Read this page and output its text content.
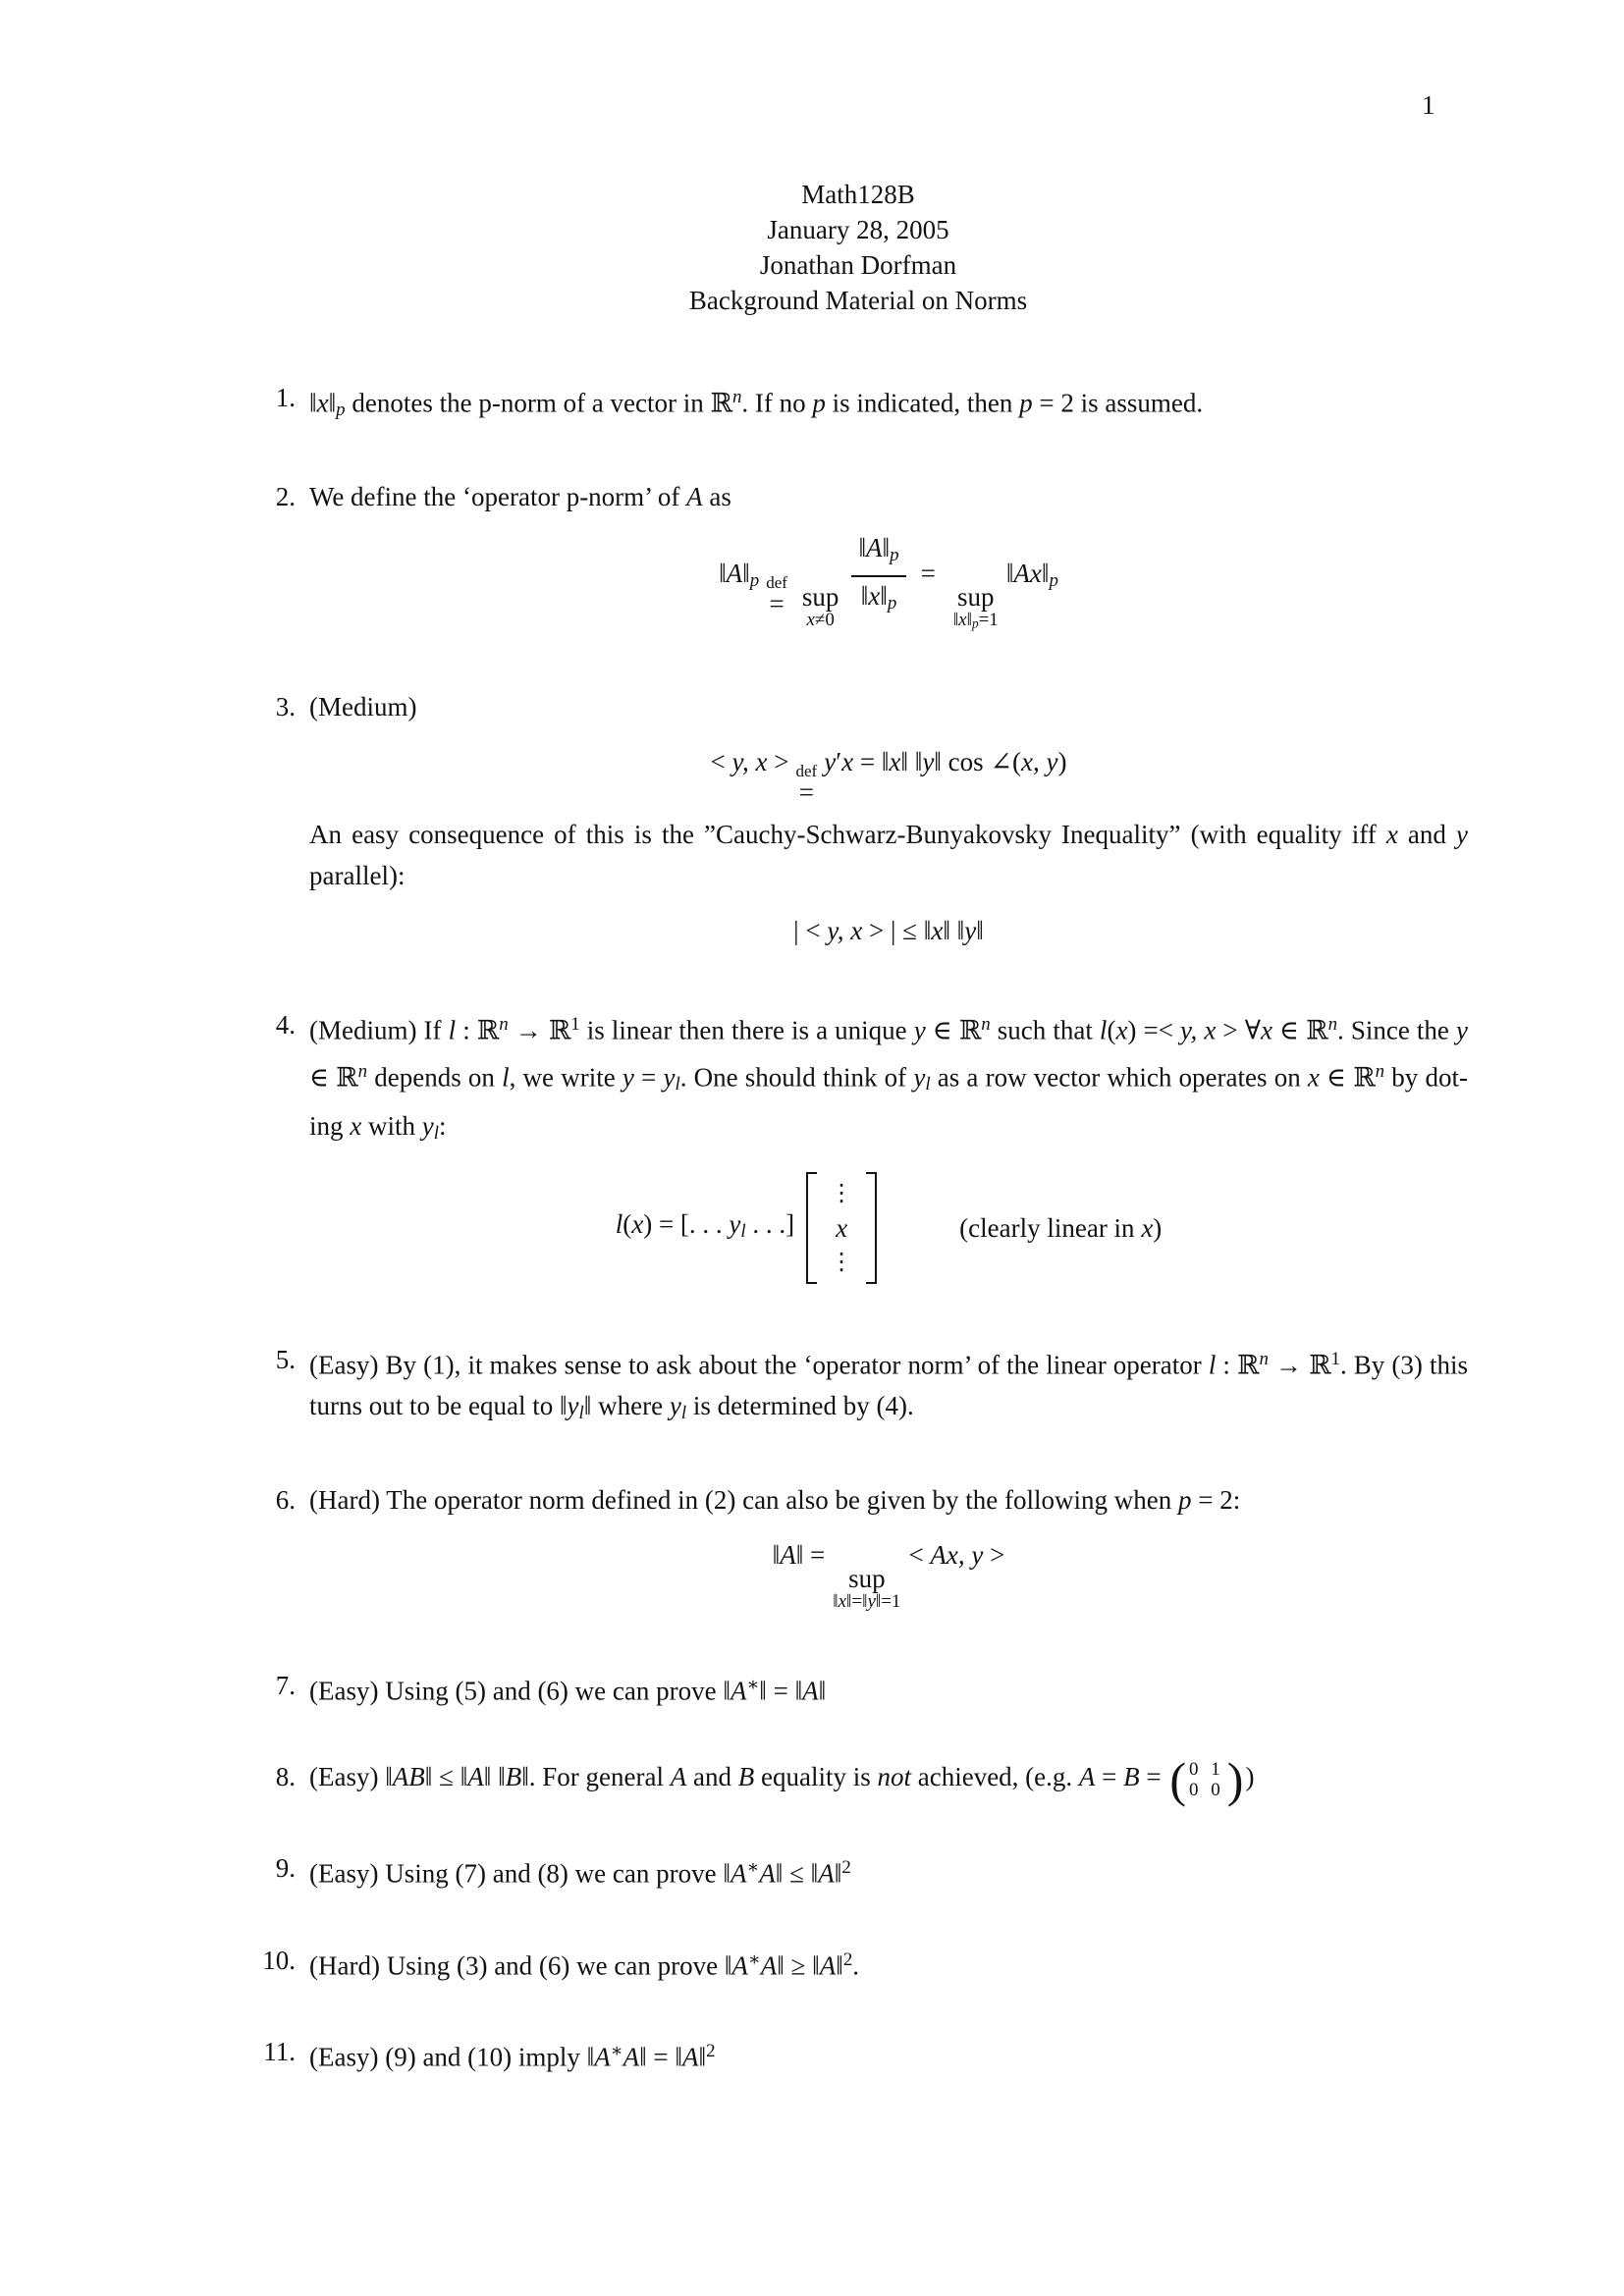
1
Math128B
January 28, 2005
Jonathan Dorfman
Background Material on Norms
1. ‖x‖p denotes the p-norm of a vector in ℝ$^n$. If no p is indicated, then p = 2 is assumed.
2. We define the ‘operator p-norm’ of A as
‖A‖p def
= sup
$x\ne 0 \frac{‖A‖p}{‖x‖p}$ =
sup
‖x‖p=1
‖Ax‖p
3. (Medium)
< y, x > def
=
y′x = ‖x‖ ‖y‖ cos ∠(x, y)
An easy consequence of this is the ”Cauchy-Schwarz-Bunyakovsky Inequality” (with equality iff x and y parallel):
| < y, x > | ≤ ‖x‖ ‖y‖
4. (Medium) If l : ℝ$^n$ → ℝ$^1$ is linear then there is a unique y ∈ ℝ$^n$ such that l(x) =< y, x > ∀x ∈ ℝ$^n$. Since the y ∈ ℝ$^n$ depends on l, we write y = yl. One should think of yl as a row vector which operates on x ∈ ℝ$^n$ by dot-ing x with yl:
l(x) = [. . . yl . . .]
⋮
x
⋮
(clearly linear in x)
5. (Easy) By (1), it makes sense to ask about the ‘operator norm’ of the linear operator l : ℝ$^n$ → ℝ$^1$. By (3) this turns out to be equal to ‖yl‖ where yl is determined by (4).
6. (Hard) The operator norm defined in (2) can also be given by the following when p = 2:
‖A‖ =
sup
‖x‖=‖y‖=1
< Ax, y >
7. (Easy) Using (5) and (6) we can prove ‖A∗‖ = ‖A‖
8. (Easy) ‖AB‖ ≤ ‖A‖ ‖B‖. For general A and B equality is not achieved, (e.g. A = B = ( 0 1
0 0 ) )
9. (Easy) Using (7) and (8) we can prove ‖A∗A‖ ≤ ‖A‖$^2$
10. (Hard) Using (3) and (6) we can prove ‖A∗A‖ ≥ ‖A‖$^2$.
11. (Easy) (9) and (10) imply ‖A∗A‖ = ‖A‖$^2$
